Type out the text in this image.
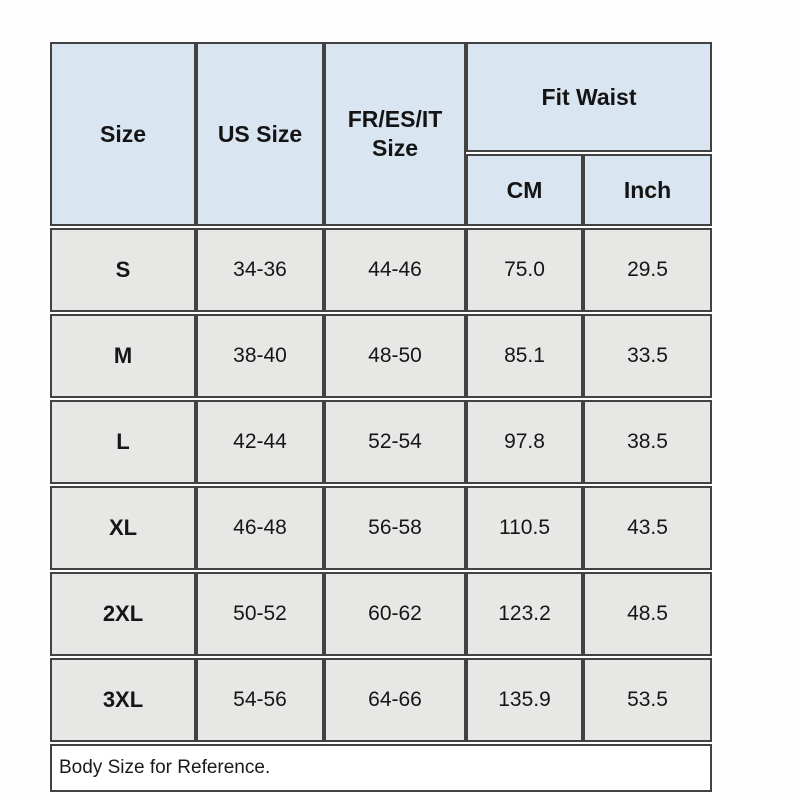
Size	US Size	FR/ES/IT Size	Fit Waist	
			CM	Inch
S	34-36	44-46	75.0	29.5
M	38-40	48-50	85.1	33.5
L	42-44	52-54	97.8	38.5
XL	46-48	56-58	110.5	43.5
2XL	50-52	60-62	123.2	48.5
3XL	54-56	64-66	135.9	53.5
Body Size for Reference.				
